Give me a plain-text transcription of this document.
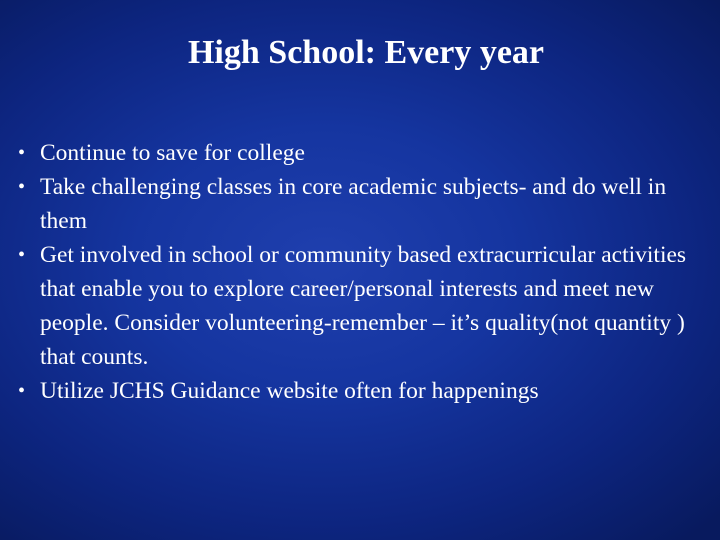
High School: Every year
• Continue to save for college
• Take challenging classes in core academic subjects- and do well in them
• Get involved in school or community based extracurricular activities that enable you to explore career/personal interests and meet new people. Consider volunteering-remember – it’s quality(not quantity ) that counts.
• Utilize JCHS Guidance website often for happenings
